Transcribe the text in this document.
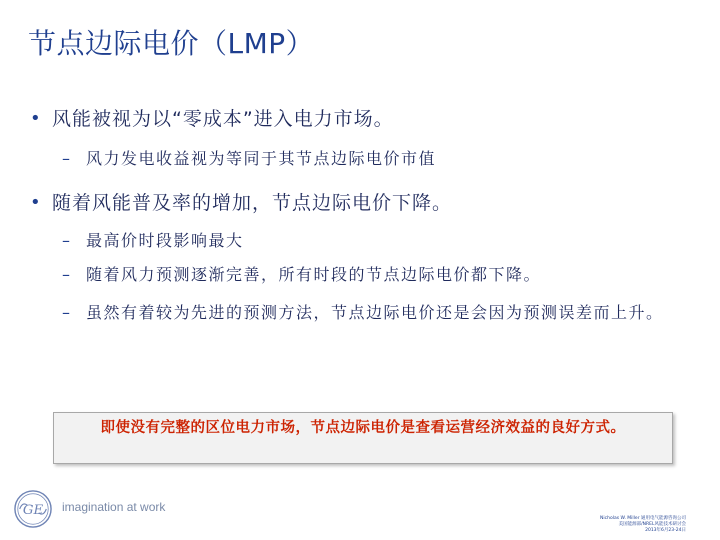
节点边际电价（LMP）
• 风能被视为以“零成本”进入电力市场。
–	风力发电收益视为等同于其节点边际电价市值
• 随着风能普及率的增加，节点边际电价下降。
–	最高价时段影响最大
–	随着风力预测逐渐完善，所有时段的节点边际电价都下降。
–	虽然有着较为先进的预测方法，节点边际电价还是会因为预测误差而上升。
即使没有完整的区位电力市场，节点边际电价是查看运营经济效益的良好方式。
GE imagination at work
Nicholas W. Miller 通用电气能源咨询公司
美国能源部/NREL风能技术研讨会
2013年6月23-24日
